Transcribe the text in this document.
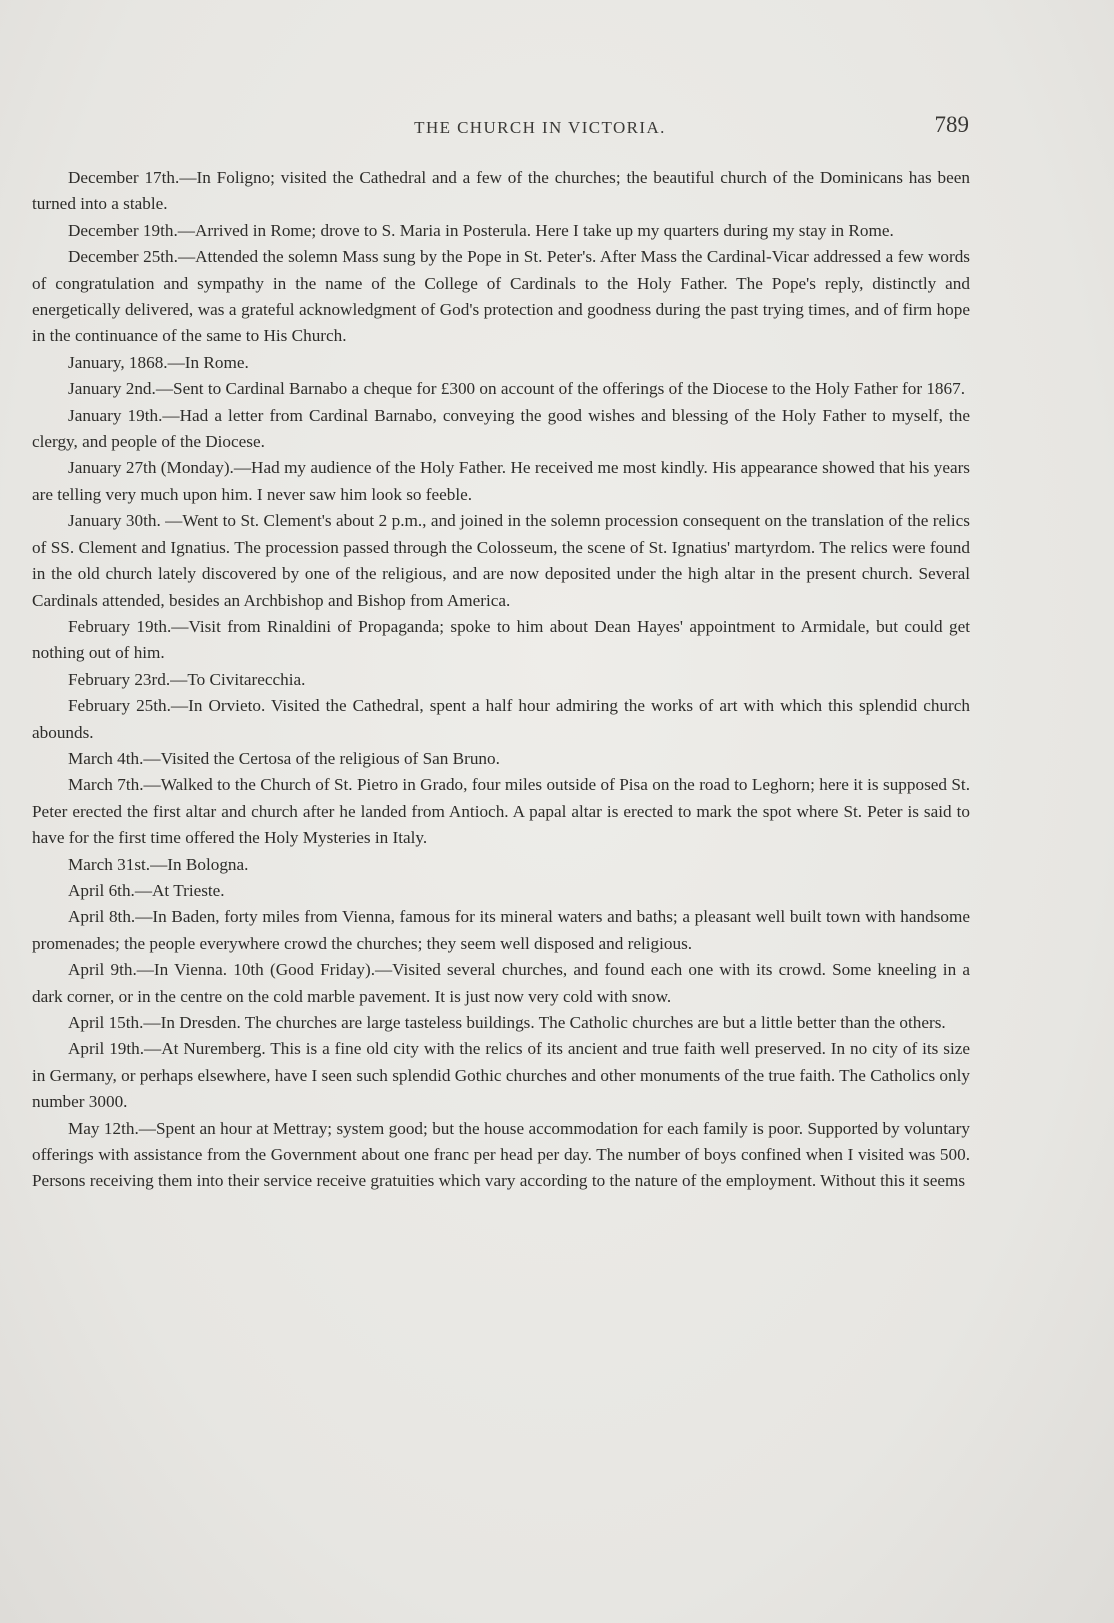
THE CHURCH IN VICTORIA.	789

December 17th.—In Foligno; visited the Cathedral and a few of the churches; the beautiful church of the Dominicans has been turned into a stable.

December 19th.—Arrived in Rome; drove to S. Maria in Posterula. Here I take up my quarters during my stay in Rome.

December 25th.—Attended the solemn Mass sung by the Pope in St. Peter's. After Mass the Cardinal-Vicar addressed a few words of congratulation and sympathy in the name of the College of Cardinals to the Holy Father. The Pope's reply, distinctly and energetically delivered, was a grateful acknowledgment of God's protection and goodness during the past trying times, and of firm hope in the continuance of the same to His Church.

January, 1868.—In Rome.

January 2nd.—Sent to Cardinal Barnabo a cheque for £300 on account of the offerings of the Diocese to the Holy Father for 1867.

January 19th.—Had a letter from Cardinal Barnabo, conveying the good wishes and blessing of the Holy Father to myself, the clergy, and people of the Diocese.

January 27th (Monday).—Had my audience of the Holy Father. He received me most kindly. His appearance showed that his years are telling very much upon him. I never saw him look so feeble.

January 30th. —Went to St. Clement's about 2 p.m., and joined in the solemn procession consequent on the translation of the relics of SS. Clement and Ignatius. The procession passed through the Colosseum, the scene of St. Ignatius' martyrdom. The relics were found in the old church lately discovered by one of the religious, and are now deposited under the high altar in the present church. Several Cardinals attended, besides an Archbishop and Bishop from America.

February 19th.—Visit from Rinaldini of Propaganda; spoke to him about Dean Hayes' appointment to Armidale, but could get nothing out of him.

February 23rd.—To Civitarecchia.

February 25th.—In Orvieto. Visited the Cathedral, spent a half hour admiring the works of art with which this splendid church abounds.

March 4th.—Visited the Certosa of the religious of San Bruno.

March 7th.—Walked to the Church of St. Pietro in Grado, four miles outside of Pisa on the road to Leghorn; here it is supposed St. Peter erected the first altar and church after he landed from Antioch. A papal altar is erected to mark the spot where St. Peter is said to have for the first time offered the Holy Mysteries in Italy.

March 31st.—In Bologna.

April 6th.—At Trieste.

April 8th.—In Baden, forty miles from Vienna, famous for its mineral waters and baths; a pleasant well built town with handsome promenades; the people everywhere crowd the churches; they seem well disposed and religious.

April 9th.—In Vienna. 10th (Good Friday).—Visited several churches, and found each one with its crowd. Some kneeling in a dark corner, or in the centre on the cold marble pavement. It is just now very cold with snow.

April 15th.—In Dresden. The churches are large tasteless buildings. The Catholic churches are but a little better than the others.

April 19th.—At Nuremberg. This is a fine old city with the relics of its ancient and true faith well preserved. In no city of its size in Germany, or perhaps elsewhere, have I seen such splendid Gothic churches and other monuments of the true faith. The Catholics only number 3000.

May 12th.—Spent an hour at Mettray; system good; but the house accommodation for each family is poor. Supported by voluntary offerings with assistance from the Government about one franc per head per day. The number of boys confined when I visited was 500. Persons receiving them into their service receive gratuities which vary according to the nature of the employment. Without this it seems
